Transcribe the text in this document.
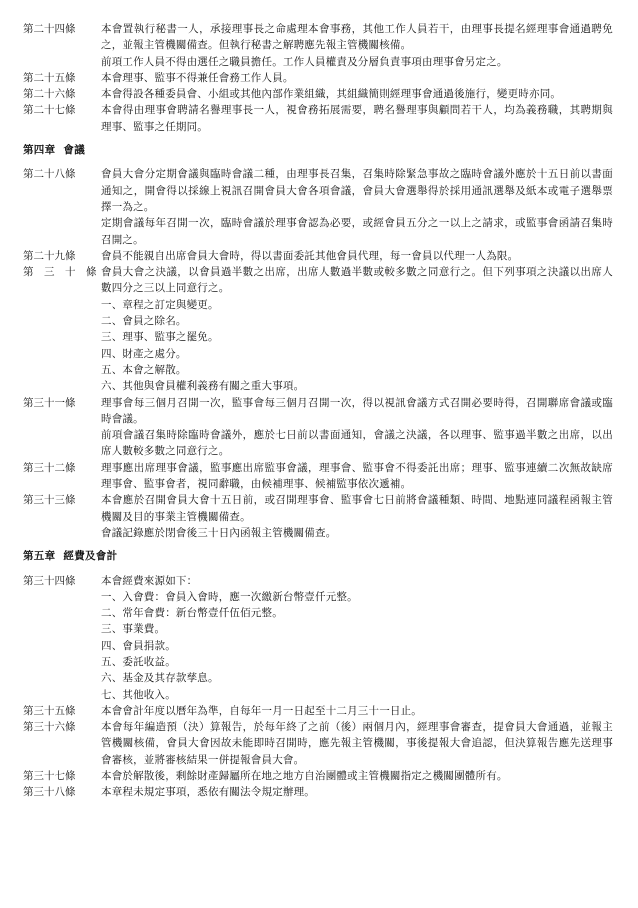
第二十四條	本會置執行秘書一人，承接理事長之命處理本會事務，其他工作人員若干，由理事長提名經理事會通過聘免之，並報主管機關備查。但執行秘書之解聘應先報主管機關核備。
前項工作人員不得由選任之職員擔任。工作人員權責及分層負責事項由理事會另定之。
第二十五條	本會理事、監事不得兼任會務工作人員。
第二十六條	本會得設各種委員會、小組或其他內部作業組織，其組織簡則經理事會通過後施行，變更時亦同。
第二十七條	本會得由理事會聘請名譽理事長一人，視會務拓展需要，聘名譽理事與顧問若干人，均為義務職，其聘期與理事、監事之任期同。
第四章 會議
第二十八條	會員大會分定期會議與臨時會議二種，由理事長召集，召集時除緊急事故之臨時會議外應於十五日前以書面通知之，開會得以採線上視訊召開會員大會各項會議，會員大會選舉得於採用通訊選舉及紙本或電子選舉票擇一為之。
定期會議每年召開一次，臨時會議於理事會認為必要，或經會員五分之一以上之請求，或監事會函請召集時召開之。
第二十九條	會員不能親自出席會員大會時，得以書面委託其他會員代理，每一會員以代理一人為限。
第　三　十　條 會員大會之決議，以會員過半數之出席，出席人數過半數或較多數之同意行之。但下列事項之決議以出席人數四分之三以上同意行之。
一、章程之訂定與變更。
二、會員之除名。
三、理事、監事之罷免。
四、財產之處分。
五、本會之解散。
六、其他與會員權利義務有關之重大事項。
第三十一條	理事會每三個月召開一次，監事會每三個月召開一次，得以視訊會議方式召開必要時得，召開聯席會議或臨時會議。
前項會議召集時除臨時會議外，應於七日前以書面通知，會議之決議，各以理事、監事過半數之出席，以出席人數較多數之同意行之。
第三十二條	理事應出席理事會議，監事應出席監事會議，理事會、監事會不得委託出席；理事、監事連續二次無故缺席理事會、監事會者，視同辭職，由候補理事、候補監事依次遞補。
第三十三條	本會應於召開會員大會十五日前，或召開理事會、監事會七日前將會議種類、時間、地點連同議程函報主管機關及目的事業主管機關備查。
會議記錄應於閉會後三十日內函報主管機關備查。
第五章 經費及會計
第三十四條	本會經費來源如下：
一、入會費：會員入會時，應一次繳新台幣壹仟元整。
二、常年會費：新台幣壹仟伍佰元整。
三、事業費。
四、會員捐款。
五、委託收益。
六、基金及其存款孳息。
七、其他收入。
第三十五條	本會會計年度以曆年為準，自每年一月一日起至十二月三十一日止。
第三十六條	本會每年編造預（決）算報告，於每年終了之前（後）兩個月內，經理事會審查，提會員大會通過，並報主管機關核備，會員大會因故未能即時召開時，應先報主管機關，事後提報大會追認，但決算報告應先送理事會審核，並將審核結果一併提報會員大會。
第三十七條	本會於解散後，剩餘財產歸屬所在地之地方自治團體或主管機關指定之機關團體所有。
第三十八條	本章程未規定事項，悉依有關法令規定辦理。
